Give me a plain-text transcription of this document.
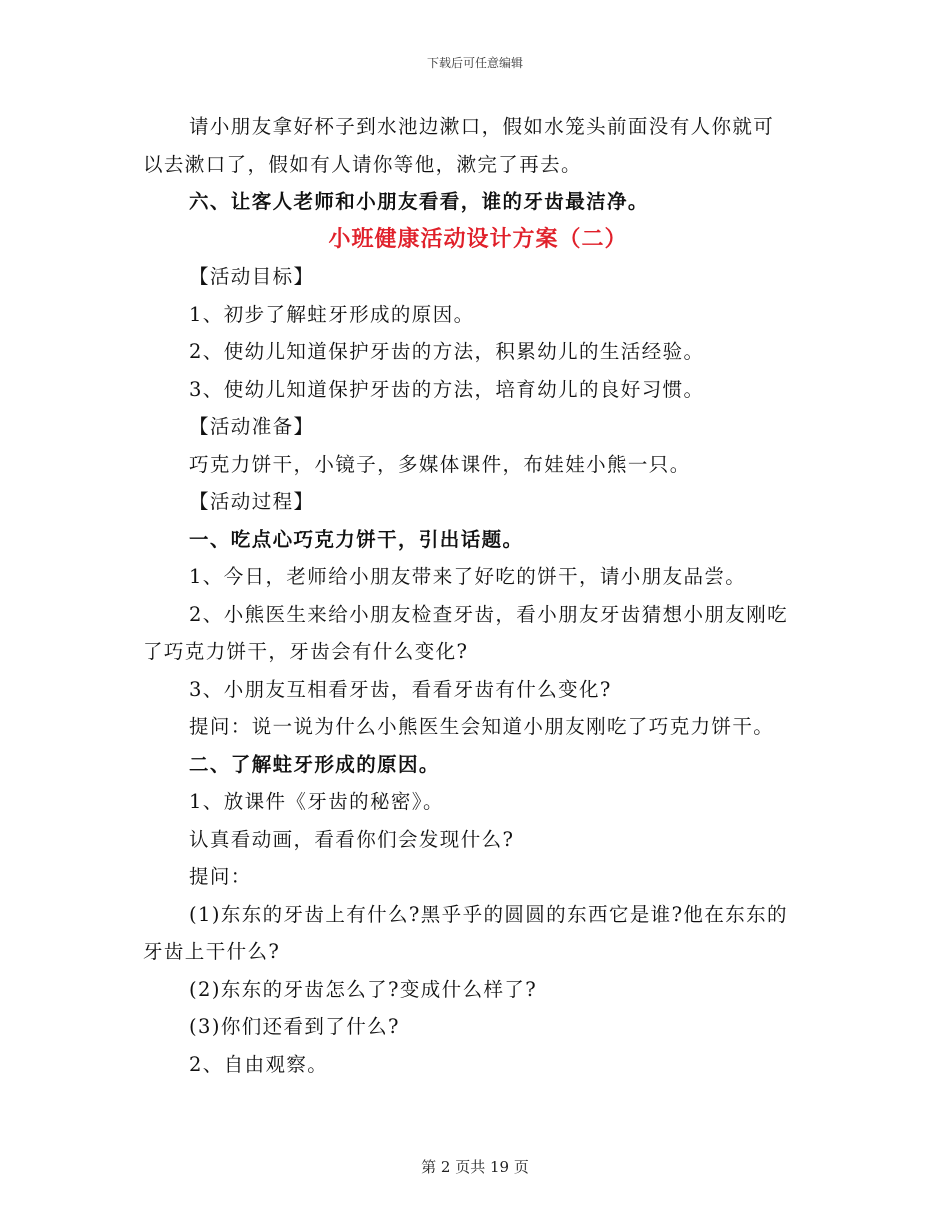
下载后可任意编辑

请小朋友拿好杯子到水池边漱口，假如水笼头前面没有人你就可

以去漱口了，假如有人请你等他，漱完了再去。

六、让客人老师和小朋友看看，谁的牙齿最洁净。

小班健康活动设计方案（二）

【活动目标】

1、初步了解蛀牙形成的原因。

2、使幼儿知道保护牙齿的方法，积累幼儿的生活经验。

3、使幼儿知道保护牙齿的方法，培育幼儿的良好习惯。

【活动准备】

巧克力饼干，小镜子，多媒体课件，布娃娃小熊一只。

【活动过程】

一、吃点心巧克力饼干，引出话题。

1、今日，老师给小朋友带来了好吃的饼干，请小朋友品尝。

2、小熊医生来给小朋友检查牙齿，看小朋友牙齿猜想小朋友刚吃

了巧克力饼干，牙齿会有什么变化?

3、小朋友互相看牙齿，看看牙齿有什么变化?

提问：说一说为什么小熊医生会知道小朋友刚吃了巧克力饼干。

二、了解蛀牙形成的原因。

1、放课件《牙齿的秘密》。

认真看动画，看看你们会发现什么?

提问：

(1)东东的牙齿上有什么?黑乎乎的圆圆的东西它是谁?他在东东的

牙齿上干什么?

(2)东东的牙齿怎么了?变成什么样了?

(3)你们还看到了什么?

2、自由观察。

第 2 页共 19 页
